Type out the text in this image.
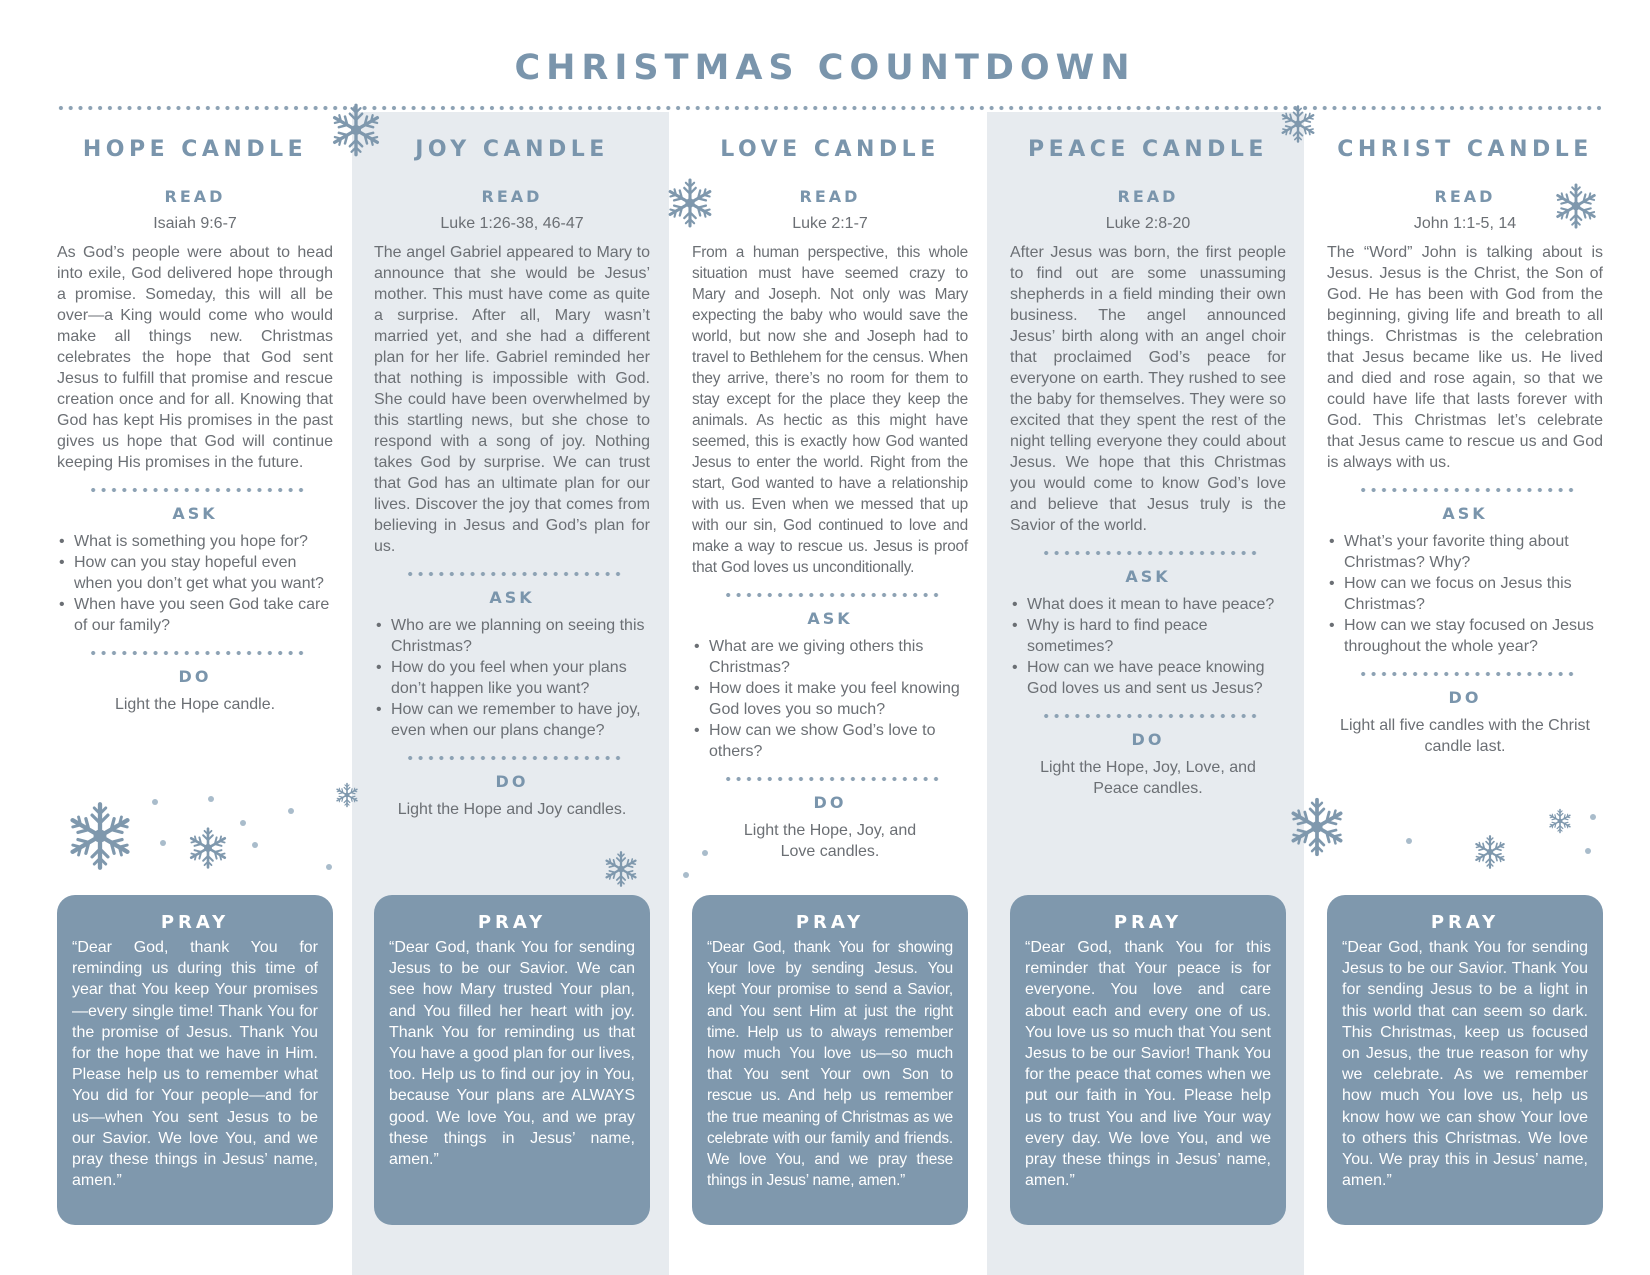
CHRISTMAS COUNTDOWN
HOPE CANDLE
READ
Isaiah 9:6-7

As God’s people were about to head into exile, God delivered hope through a promise. Someday, this will all be over—a King would come who would make all things new. Christmas celebrates the hope that God sent Jesus to fulfill that promise and rescue creation once and for all. Knowing that God has kept His promises in the past gives us hope that God will continue keeping His promises in the future.

ASK
• What is something you hope for?
• How can you stay hopeful even when you don’t get what you want?
• When have you seen God take care of our family?
DO

Light the Hope candle.

JOY CANDLE
READ
Luke 1:26-38, 46-47

The angel Gabriel appeared to Mary to announce that she would be Jesus’ mother. This must have come as quite a surprise. After all, Mary wasn’t married yet, and she had a different plan for her life. Gabriel reminded her that nothing is impossible with God. She could have been overwhelmed by this startling news, but she chose to respond with a song of joy. Nothing takes God by surprise. We can trust that God has an ultimate plan for our lives. Discover the joy that comes from believing in Jesus and God’s plan for us.

ASK
• Who are we planning on seeing this Christmas?
• How do you feel when your plans don’t happen like you want?
• How can we remember to have joy, even when our plans change?
DO

Light the Hope and Joy candles.

LOVE CANDLE
READ
Luke 2:1-7

From a human perspective, this whole situation must have seemed crazy to Mary and Joseph. Not only was Mary expecting the baby who would save the world, but now she and Joseph had to travel to Bethlehem for the census. When they arrive, there’s no room for them to stay except for the place they keep the animals. As hectic as this might have seemed, this is exactly how God wanted Jesus to enter the world. Right from the start, God wanted to have a relationship with us. Even when we messed that up with our sin, God continued to love and make a way to rescue us. Jesus is proof that God loves us unconditionally.

ASK
• What are we giving others this Christmas?
• How does it make you feel knowing God loves you so much?
• How can we show God’s love to others?
DO

Light the Hope, Joy, and Love candles.

PEACE CANDLE
READ
Luke 2:8-20

After Jesus was born, the first people to find out are some unassuming shepherds in a field minding their own business. The angel announced Jesus’ birth along with an angel choir that proclaimed God’s peace for everyone on earth. They rushed to see the baby for themselves. They were so excited that they spent the rest of the night telling everyone they could about Jesus. We hope that this Christmas you would come to know God’s love and believe that Jesus truly is the Savior of the world.

ASK
• What does it mean to have peace?
• Why is hard to find peace sometimes?
• How can we have peace knowing God loves us and sent us Jesus?
DO

Light the Hope, Joy, Love, and Peace candles.

CHRIST CANDLE
READ
John 1:1-5, 14

The “Word” John is talking about is Jesus. Jesus is the Christ, the Son of God. He has been with God from the beginning, giving life and breath to all things. Christmas is the celebration that Jesus became like us. He lived and died and rose again, so that we could have life that lasts forever with God. This Christmas let’s celebrate that Jesus came to rescue us and God is always with us.

ASK
• What’s your favorite thing about Christmas? Why?
• How can we focus on Jesus this Christmas?
• How can we stay focused on Jesus throughout the whole year?
DO

Light all five candles with the Christ candle last.

PRAY

“Dear God, thank You for reminding us during this time of year that You keep Your promises—every single time! Thank You for the promise of Jesus. Thank You for the hope that we have in Him. Please help us to remember what You did for Your people—and for us—when You sent Jesus to be our Savior. We love You, and we pray these things in Jesus’ name, amen.”

PRAY

“Dear God, thank You for sending Jesus to be our Savior. We can see how Mary trusted Your plan, and You filled her heart with joy. Thank You for reminding us that You have a good plan for our lives, too. Help us to find our joy in You, because Your plans are ALWAYS good. We love You, and we pray these things in Jesus’ name, amen.”

PRAY

“Dear God, thank You for showing Your love by sending Jesus. You kept Your promise to send a Savior, and You sent Him at just the right time. Help us to always remember how much You love us—so much that You sent Your own Son to rescue us. And help us remember the true meaning of Christmas as we celebrate with our family and friends. We love You, and we pray these things in Jesus’ name, amen.”

PRAY

“Dear God, thank You for this reminder that Your peace is for everyone. You love and care about each and every one of us. You love us so much that You sent Jesus to be our Savior! Thank You for the peace that comes when we put our faith in You. Please help us to trust You and live Your way every day. We love You, and we pray these things in Jesus’ name, amen.”

PRAY

“Dear God, thank You for sending Jesus to be our Savior. Thank You for sending Jesus to be a light in this world that can seem so dark. This Christmas, keep us focused on Jesus, the true reason for why we celebrate. As we remember how much You love us, help us know how we can show Your love to others this Christmas. We love You. We pray this in Jesus’ name, amen.”
